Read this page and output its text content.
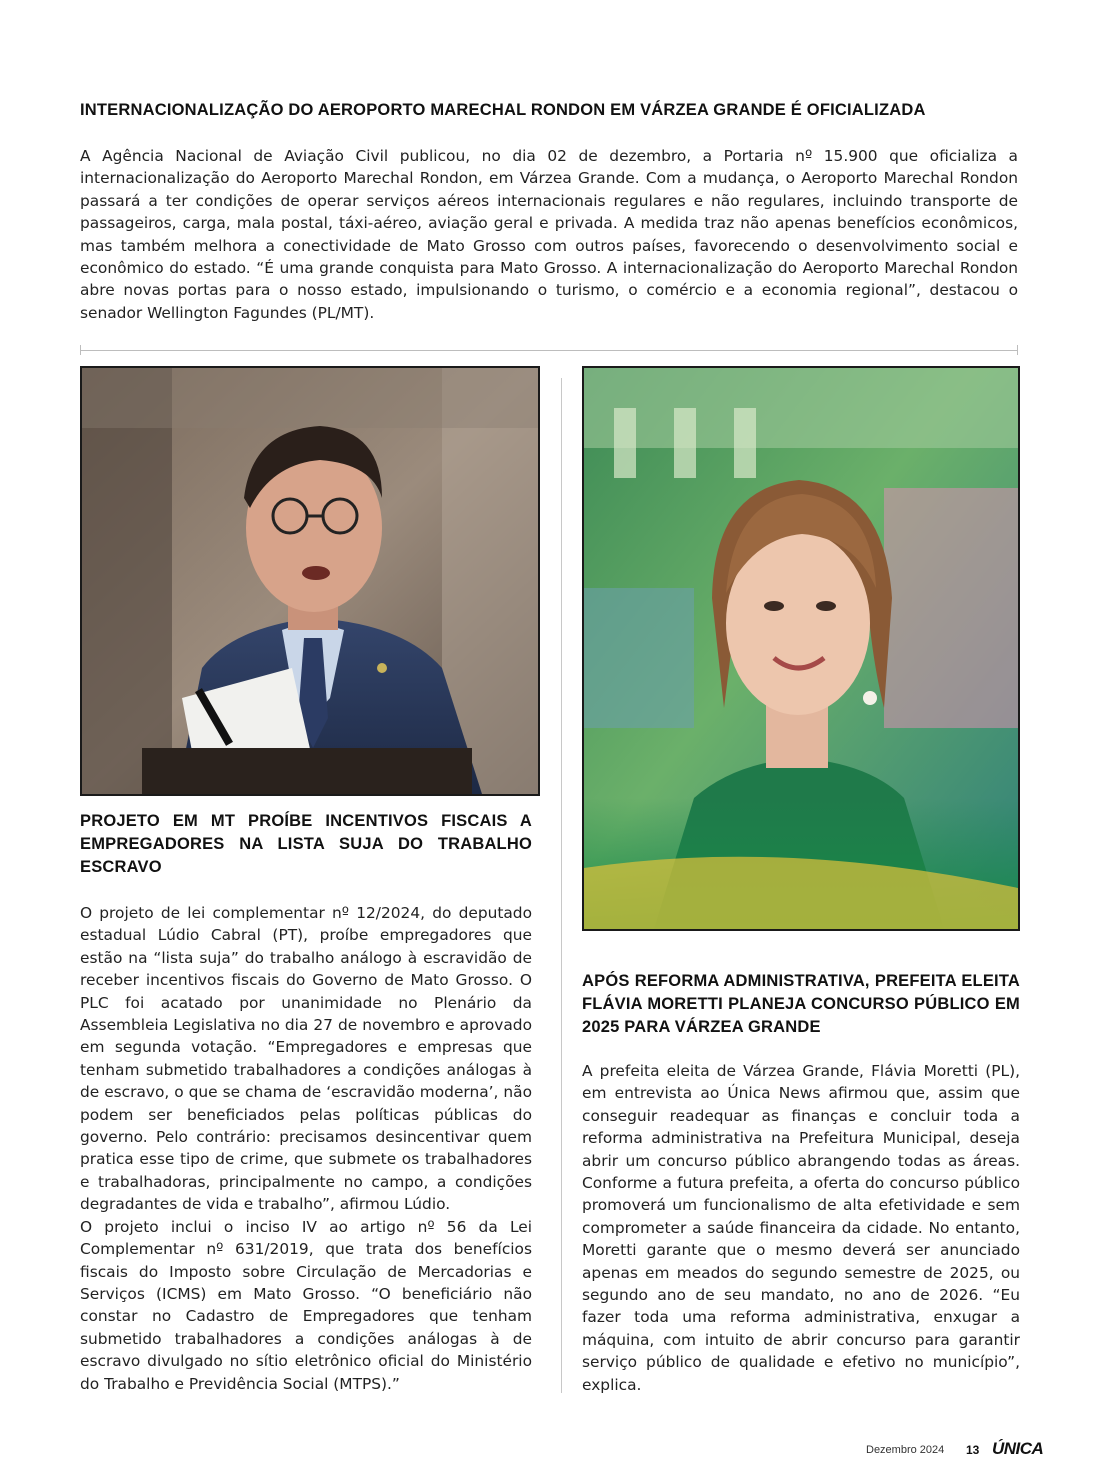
INTERNACIONALIZAÇÃO DO AEROPORTO MARECHAL RONDON EM VÁRZEA GRANDE É OFICIALIZADA

A Agência Nacional de Aviação Civil publicou, no dia 02 de dezembro, a Portaria nº 15.900 que oficializa a internacionalização do Aeroporto Marechal Rondon, em Várzea Grande. Com a mudança, o Aeroporto Marechal Rondon passará a ter condições de operar serviços aéreos internacionais regulares e não regulares, incluindo transporte de passageiros, carga, mala postal, táxi-aéreo, aviação geral e privada. A medida traz não apenas benefícios econômicos, mas também melhora a conectividade de Mato Grosso com outros países, favorecendo o desenvolvimento social e econômico do estado. “É uma grande conquista para Mato Grosso. A internacionalização do Aeroporto Marechal Rondon abre novas portas para o nosso estado, impulsionando o turismo, o comércio e a economia regional”, destacou o senador Wellington Fagundes (PL/MT).

PROJETO EM MT PROÍBE INCENTIVOS FISCAIS A EMPREGADORES NA LISTA SUJA DO TRABALHO ESCRAVO

O projeto de lei complementar nº 12/2024, do deputado estadual Lúdio Cabral (PT), proíbe empregadores que estão na “lista suja” do trabalho análogo à escravidão de receber incentivos fiscais do Governo de Mato Grosso. O PLC foi acatado por unanimidade no Plenário da Assembleia Legislativa no dia 27 de novembro e aprovado em segunda votação. “Empregadores e empresas que tenham submetido trabalhadores a condições análogas à de escravo, o que se chama de ‘escravidão moderna’, não podem ser beneficiados pelas políticas públicas do governo. Pelo contrário: precisamos desincentivar quem pratica esse tipo de crime, que submete os trabalhadores e trabalhadoras, principalmente no campo, a condições degradantes de vida e trabalho”, afirmou Lúdio.

O projeto inclui o inciso IV ao artigo nº 56 da Lei Complementar nº 631/2019, que trata dos benefícios fiscais do Imposto sobre Circulação de Mercadorias e Serviços (ICMS) em Mato Grosso. “O beneficiário não constar no Cadastro de Empregadores que tenham submetido trabalhadores a condições análogas à de escravo divulgado no sítio eletrônico oficial do Ministério do Trabalho e Previdência Social (MTPS).”

APÓS REFORMA ADMINISTRATIVA, PREFEITA ELEITA FLÁVIA MORETTI PLANEJA CONCURSO PÚBLICO EM 2025 PARA VÁRZEA GRANDE

A prefeita eleita de Várzea Grande, Flávia Moretti (PL), em entrevista ao Única News afirmou que, assim que conseguir readequar as finanças e concluir toda a reforma administrativa na Prefeitura Municipal, deseja abrir um concurso público abrangendo todas as áreas. Conforme a futura prefeita, a oferta do concurso público promoverá um funcionalismo de alta efetividade e sem comprometer a saúde financeira da cidade. No entanto, Moretti garante que o mesmo deverá ser anunciado apenas em meados do segundo semestre de 2025, ou segundo ano de seu mandato, no ano de 2026. “Eu fazer toda uma reforma administrativa, enxugar a máquina, com intuito de abrir concurso para garantir serviço público de qualidade e efetivo no município”, explica.

Dezembro 2024 13 ÚNICA
